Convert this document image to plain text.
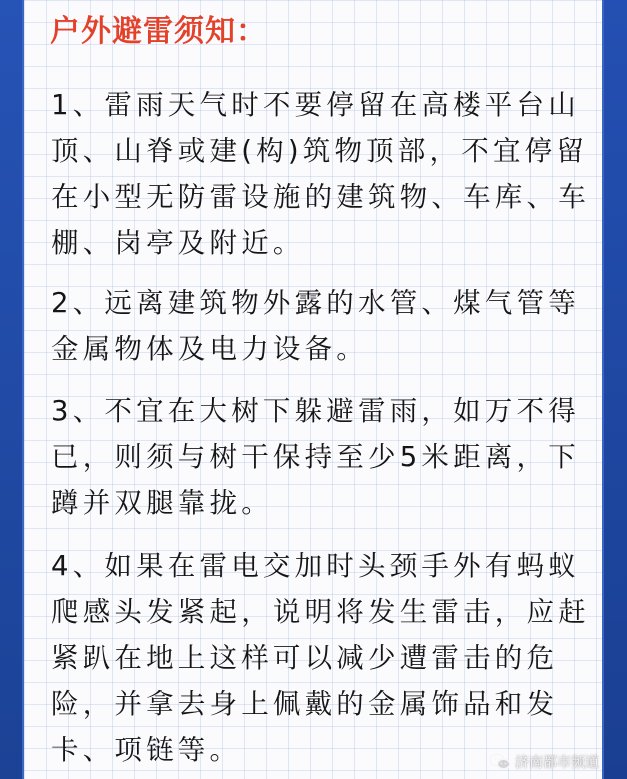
户外避雷须知：

1、雷雨天气时不要停留在高楼平台山顶、山脊或建(构)筑物顶部，不宜停留在小型无防雷设施的建筑物、车库、车棚、岗亭及附近。

2、远离建筑物外露的水管、煤气管等金属物体及电力设备。

3、不宜在大树下躲避雷雨，如万不得已，则须与树干保持至少5米距离，下蹲并双腿靠拢。

4、如果在雷电交加时头颈手外有蚂蚁爬感头发紧起，说明将发生雷击，应赶紧趴在地上这样可以减少遭雷击的危险，并拿去身上佩戴的金属饰品和发卡、项链等。	济南都市频道
